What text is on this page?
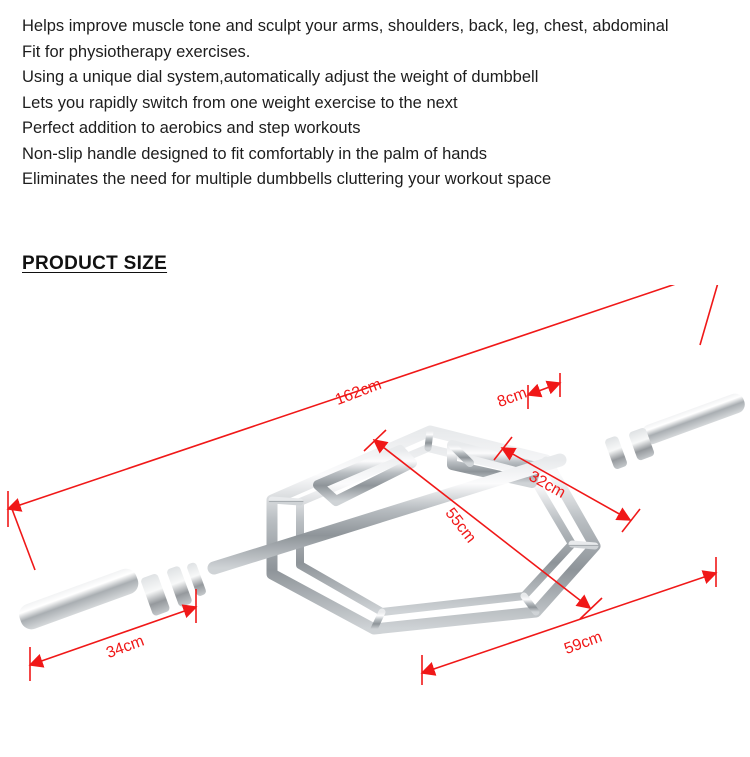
Helps improve muscle tone and sculpt your arms, shoulders, back, leg, chest, abdominal
Fit for physiotherapy exercises.
Using a unique dial system,automatically adjust the weight of dumbbell
Lets you rapidly switch from one weight exercise to the next
Perfect addition to aerobics and step workouts
Non-slip handle designed to fit comfortably in the palm of hands
Eliminates the need for multiple dumbbells cluttering your workout space
PRODUCT SIZE
162cm	8cm
32cm
55cm
59cm
34cm
